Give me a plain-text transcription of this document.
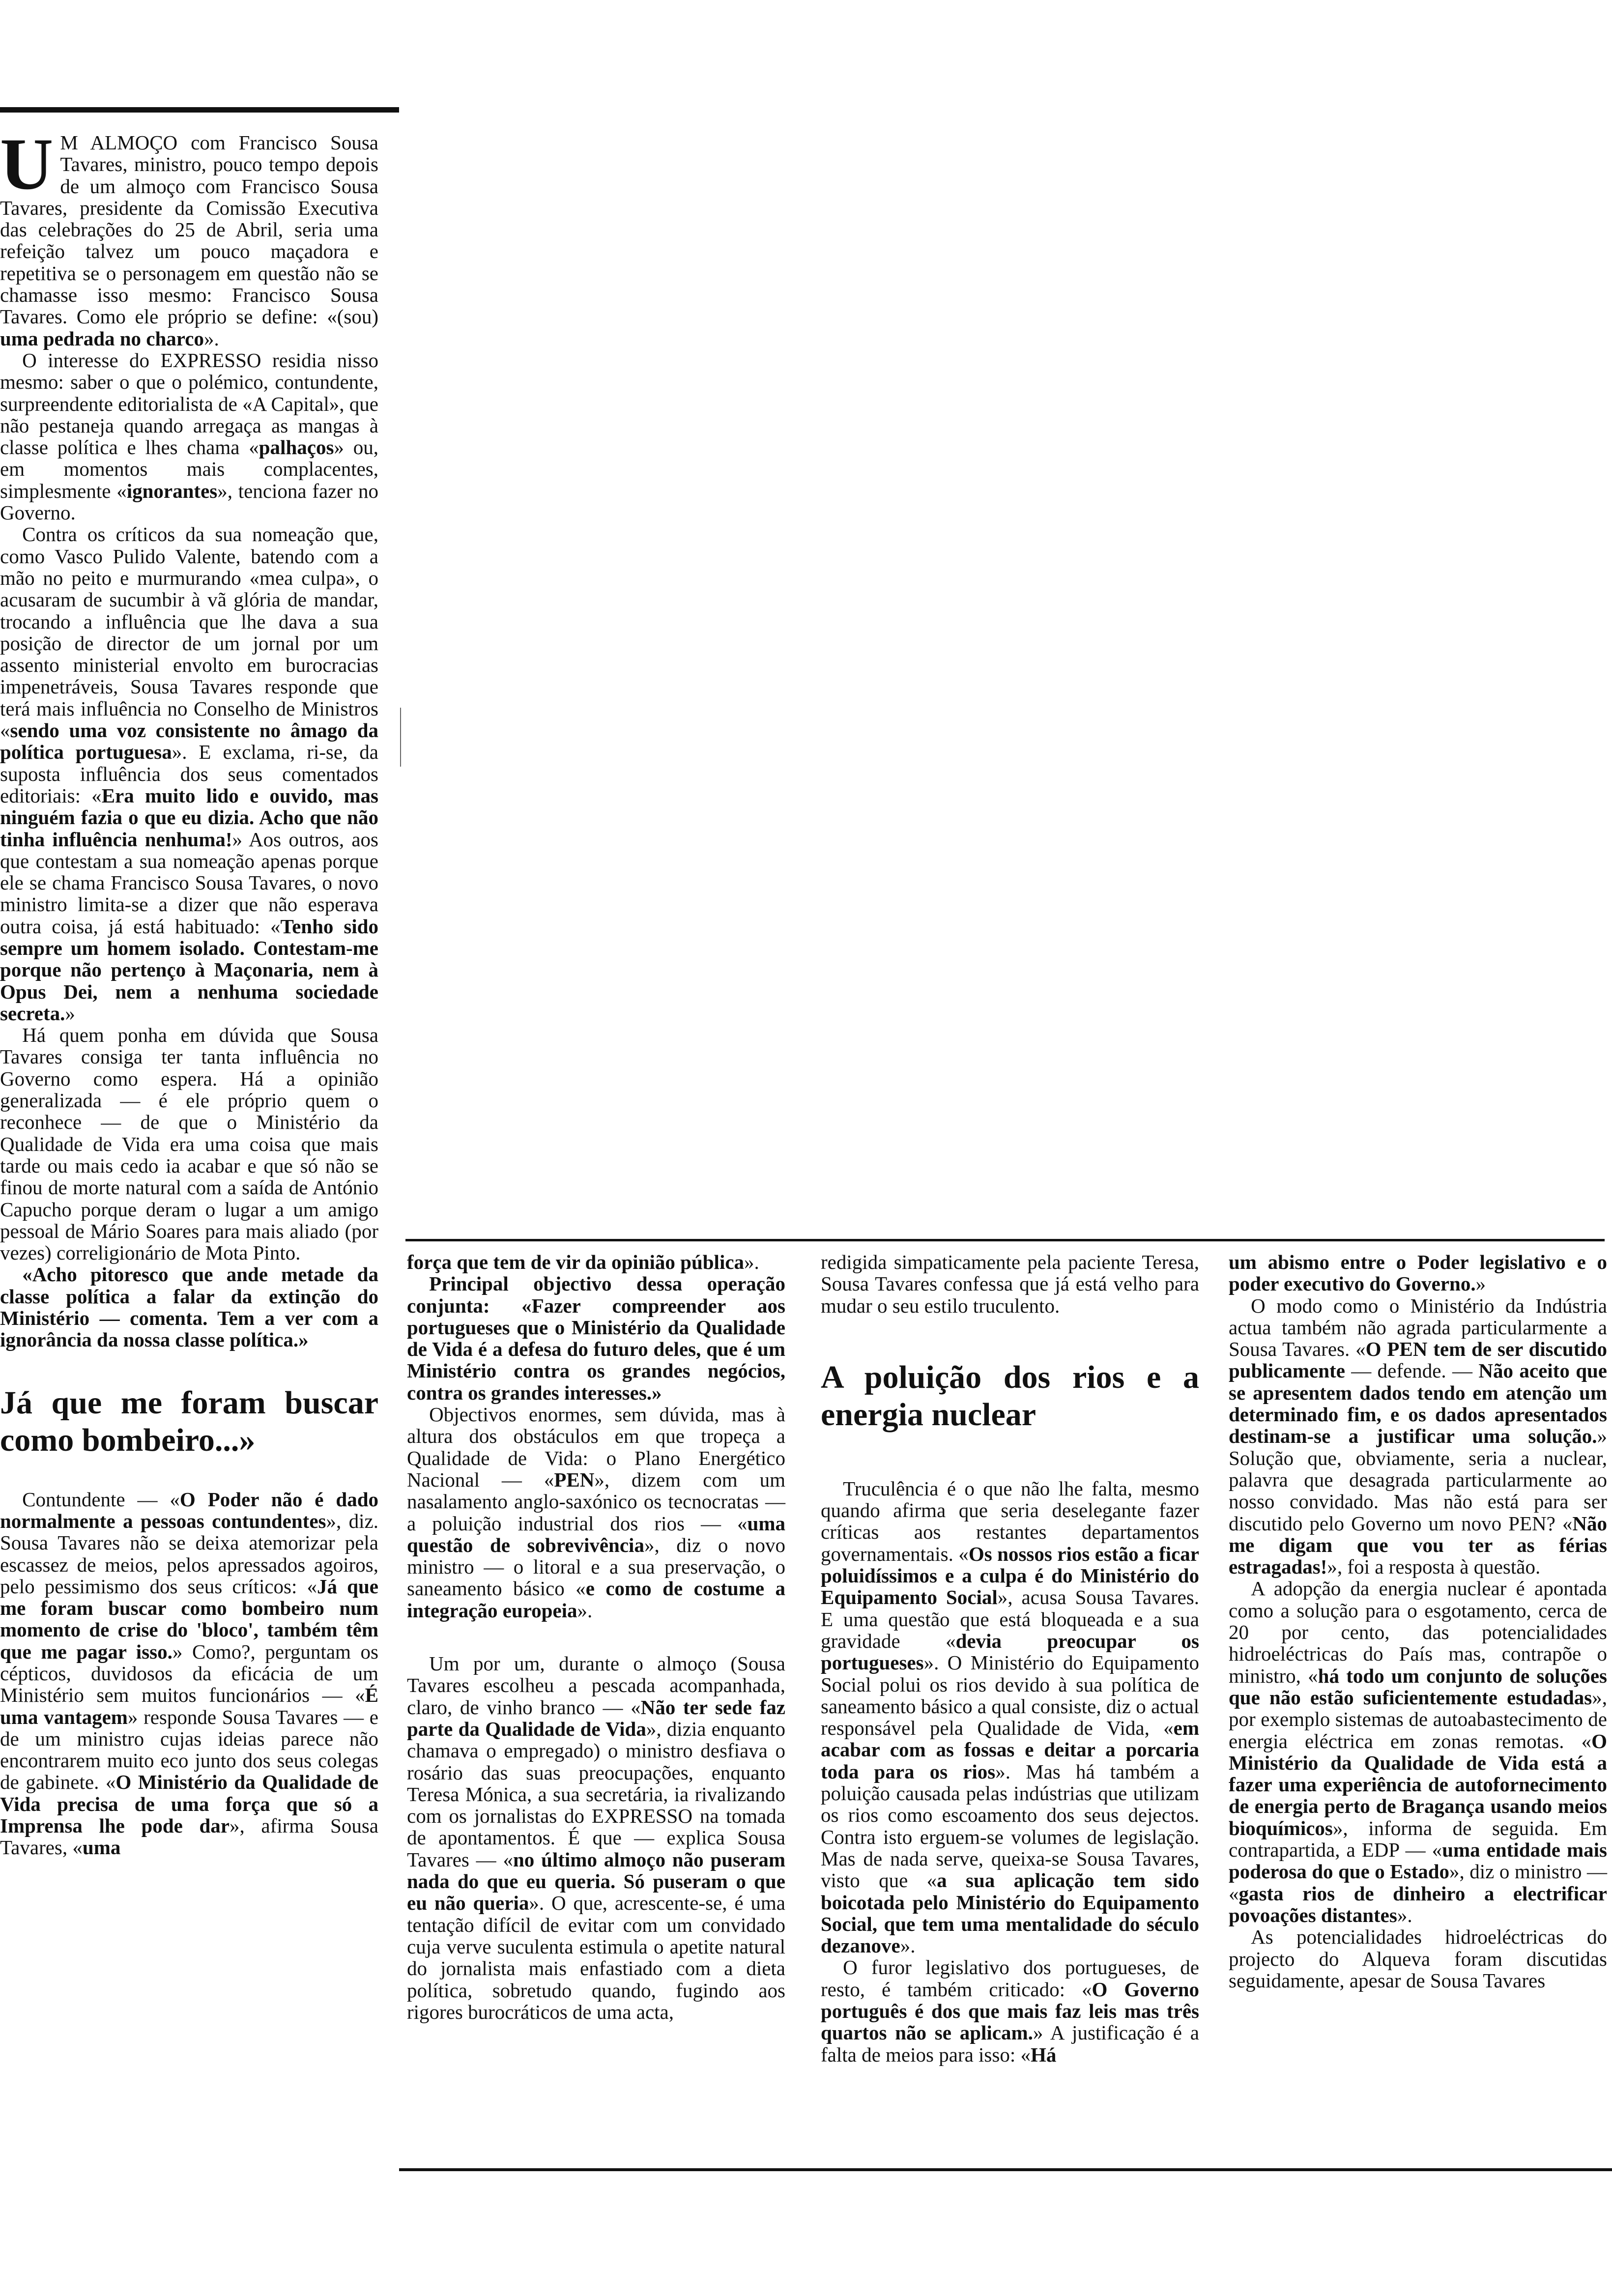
U M ALMOÇO com Francisco Sousa Tavares, ministro, pouco tempo depois de um almoço com Francisco Sousa Tavares, presidente da Comissão Executiva das celebrações do 25 de Abril, seria uma refeição talvez um pouco maçadora e repetitiva se o personagem em questão não se chamasse isso mesmo: Francisco Sousa Tavares. Como ele próprio se define: «(sou) uma pedrada no charco».

O interesse do EXPRESSO residia nisso mesmo: saber o que o polémico, contundente, surpreendente editorialista de «A Capital», que não pestaneja quando arregaça as mangas à classe política e lhes chama «palhaços» ou, em momentos mais complacentes, simplesmente «ignorantes», tenciona fazer no Governo.

Contra os críticos da sua nomeação que, como Vasco Pulido Valente, batendo com a mão no peito e murmurando «mea culpa», o acusaram de sucumbir à vã glória de mandar, trocando a influência que lhe dava a sua posição de director de um jornal por um assento ministerial envolto em burocracias impenetráveis, Sousa Tavares responde que terá mais influência no Conselho de Ministros «sendo uma voz consistente no âmago da política portuguesa». E exclama, ri-se, da suposta influência dos seus comentados editoriais: «Era muito lido e ouvido, mas ninguém fazia o que eu dizia. Acho que não tinha influência nenhuma!» Aos outros, aos que contestam a sua nomeação apenas porque ele se chama Francisco Sousa Tavares, o novo ministro limita-se a dizer que não esperava outra coisa, já está habituado: «Tenho sido sempre um homem isolado. Contestam-me porque não pertenço à Maçonaria, nem à Opus Dei, nem a nenhuma sociedade secreta.»

Há quem ponha em dúvida que Sousa Tavares consiga ter tanta influência no Governo como espera. Há a opinião generalizada — é ele próprio quem o reconhece — de que o Ministério da Qualidade de Vida era uma coisa que mais tarde ou mais cedo ia acabar e que só não se finou de morte natural com a saída de António Capucho porque deram o lugar a um amigo pessoal de Mário Soares para mais aliado (por vezes) correligionário de Mota Pinto.

«Acho pitoresco que ande metade da classe política a falar da extinção do Ministério — comenta. Tem a ver com a ignorância da nossa classe política.»

Já que me foram buscar como bombeiro...»

Contundente — «O Poder não é dado normalmente a pessoas contundentes», diz. Sousa Tavares não se deixa atemorizar pela escassez de meios, pelos apressados agoiros, pelo pessimismo dos seus críticos: «Já que me foram buscar como bombeiro num momento de crise do 'bloco', também têm que me pagar isso.» Como?, perguntam os cépticos, duvidosos da eficácia de um Ministério sem muitos funcionários — «É uma vantagem» responde Sousa Tavares — e de um ministro cujas ideias parece não encontrarem muito eco junto dos seus colegas de gabinete. «O Ministério da Qualidade de Vida precisa de uma força que só a Imprensa lhe pode dar», afirma Sousa Tavares, «uma

força que tem de vir da opinião pública».

Principal objectivo dessa operação conjunta: «Fazer compreender aos portugueses que o Ministério da Qualidade de Vida é a defesa do futuro deles, que é um Ministério contra os grandes negócios, contra os grandes interesses.»

Objectivos enormes, sem dúvida, mas à altura dos obstáculos em que tropeça a Qualidade de Vida: o Plano Energético Nacional — «PEN», dizem com um nasalamento anglo-saxónico os tecnocratas — a poluição industrial dos rios — «uma questão de sobrevivência», diz o novo ministro — o litoral e a sua preservação, o saneamento básico «e como de costume a integração europeia».

Um por um, durante o almoço (Sousa Tavares escolheu a pescada acompanhada, claro, de vinho branco — «Não ter sede faz parte da Qualidade de Vida», dizia enquanto chamava o empregado) o ministro desfiava o rosário das suas preocupações, enquanto Teresa Mónica, a sua secretária, ia rivalizando com os jornalistas do EXPRESSO na tomada de apontamentos. É que — explica Sousa Tavares — «no último almoço não puseram nada do que eu queria. Só puseram o que eu não queria». O que, acrescente-se, é uma tentação difícil de evitar com um convidado cuja verve suculenta estimula o apetite natural do jornalista mais enfastiado com a dieta política, sobretudo quando, fugindo aos rigores burocráticos de uma acta,

redigida simpaticamente pela paciente Teresa, Sousa Tavares confessa que já está velho para mudar o seu estilo truculento.

A poluição dos rios e a energia nuclear

Truculência é o que não lhe falta, mesmo quando afirma que seria deselegante fazer críticas aos restantes departamentos governamentais. «Os nossos rios estão a ficar poluidíssimos e a culpa é do Ministério do Equipamento Social», acusa Sousa Tavares. E uma questão que está bloqueada e a sua gravidade «devia preocupar os portugueses». O Ministério do Equipamento Social polui os rios devido à sua política de saneamento básico a qual consiste, diz o actual responsável pela Qualidade de Vida, «em acabar com as fossas e deitar a porcaria toda para os rios». Mas há também a poluição causada pelas indústrias que utilizam os rios como escoamento dos seus dejectos. Contra isto erguem-se volumes de legislação. Mas de nada serve, queixa-se Sousa Tavares, visto que «a sua aplicação tem sido boicotada pelo Ministério do Equipamento Social, que tem uma mentalidade do século dezanove».

O furor legislativo dos portugueses, de resto, é também criticado: «O Governo português é dos que mais faz leis mas três quartos não se aplicam.» A justificação é a falta de meios para isso: «Há

um abismo entre o Poder legislativo e o poder executivo do Governo.»

O modo como o Ministério da Indústria actua também não agrada particularmente a Sousa Tavares. «O PEN tem de ser discutido publicamente — defende. — Não aceito que se apresentem dados tendo em atenção um determinado fim, e os dados apresentados destinam-se a justificar uma solução.» Solução que, obviamente, seria a nuclear, palavra que desagrada particularmente ao nosso convidado. Mas não está para ser discutido pelo Governo um novo PEN? «Não me digam que vou ter as férias estragadas!», foi a resposta à questão.

A adopção da energia nuclear é apontada como a solução para o esgotamento, cerca de 20 por cento, das potencialidades hidroeléctricas do País mas, contrapõe o ministro, «há todo um conjunto de soluções que não estão suficientemente estudadas», por exemplo sistemas de autoabastecimento de energia eléctrica em zonas remotas. «O Ministério da Qualidade de Vida está a fazer uma experiência de autofornecimento de energia perto de Bragança usando meios bioquímicos», informa de seguida. Em contrapartida, a EDP — «uma entidade mais poderosa do que o Estado», diz o ministro — «gasta rios de dinheiro a electrificar povoações distantes».

As potencialidades hidroeléctricas do projecto do Alqueva foram discutidas seguidamente, apesar de Sousa Tavares
